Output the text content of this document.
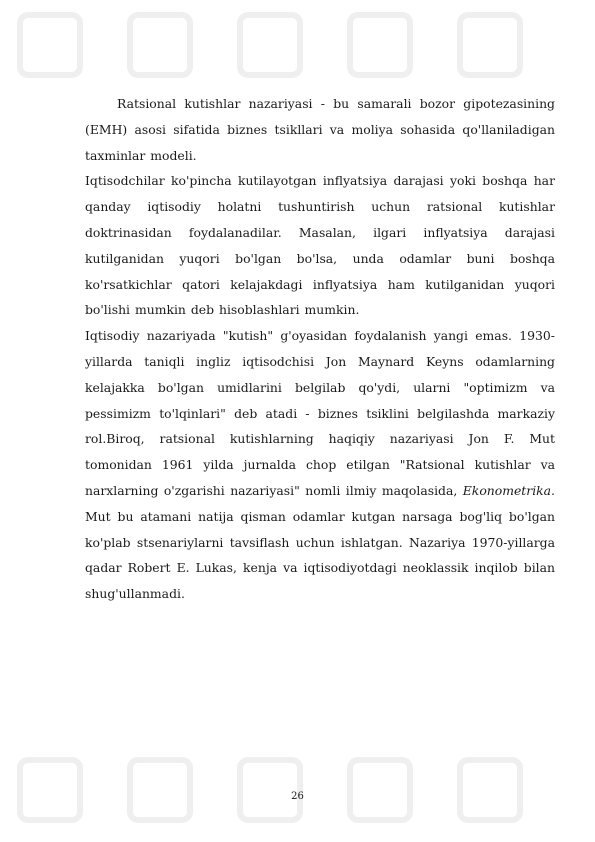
Ratsional kutishlar nazariyasi - bu samarali bozor gipotezasining (EMH) asosi sifatida biznes tsikllari va moliya sohasida qo'llaniladigan taxminlar modeli.

Iqtisodchilar ko'pincha kutilayotgan inflyatsiya darajasi yoki boshqa har qanday iqtisodiy holatni tushuntirish uchun ratsional kutishlar doktrinasidan foydalanadilar. Masalan, ilgari inflyatsiya darajasi kutilganidan yuqori bo'lgan bo'lsa, unda odamlar buni boshqa ko'rsatkichlar qatori kelajakdagi inflyatsiya ham kutilganidan yuqori bo'lishi mumkin deb hisoblashlari mumkin.

Iqtisodiy nazariyada "kutish" g'oyasidan foydalanish yangi emas. 1930-yillarda taniqli ingliz iqtisodchisi Jon Maynard Keyns odamlarning kelajakka bo'lgan umidlarini belgilab qo'ydi, ularni "optimizm va pessimizm to'lqinlari" deb atadi - biznes tsiklini belgilashda markaziy rol.Biroq, ratsional kutishlarning haqiqiy nazariyasi Jon F. Mut tomonidan 1961 yilda jurnalda chop etilgan "Ratsional kutishlar va narxlarning o'zgarishi nazariyasi" nomli ilmiy maqolasida, Ekonometrika. Mut bu atamani natija qisman odamlar kutgan narsaga bog'liq bo'lgan ko'plab stsenariylarni tavsiflash uchun ishlatgan. Nazariya 1970-yillarga qadar Robert E. Lukas, kenja va iqtisodiyotdagi neoklassik inqilob bilan shug'ullanmadi.

26
